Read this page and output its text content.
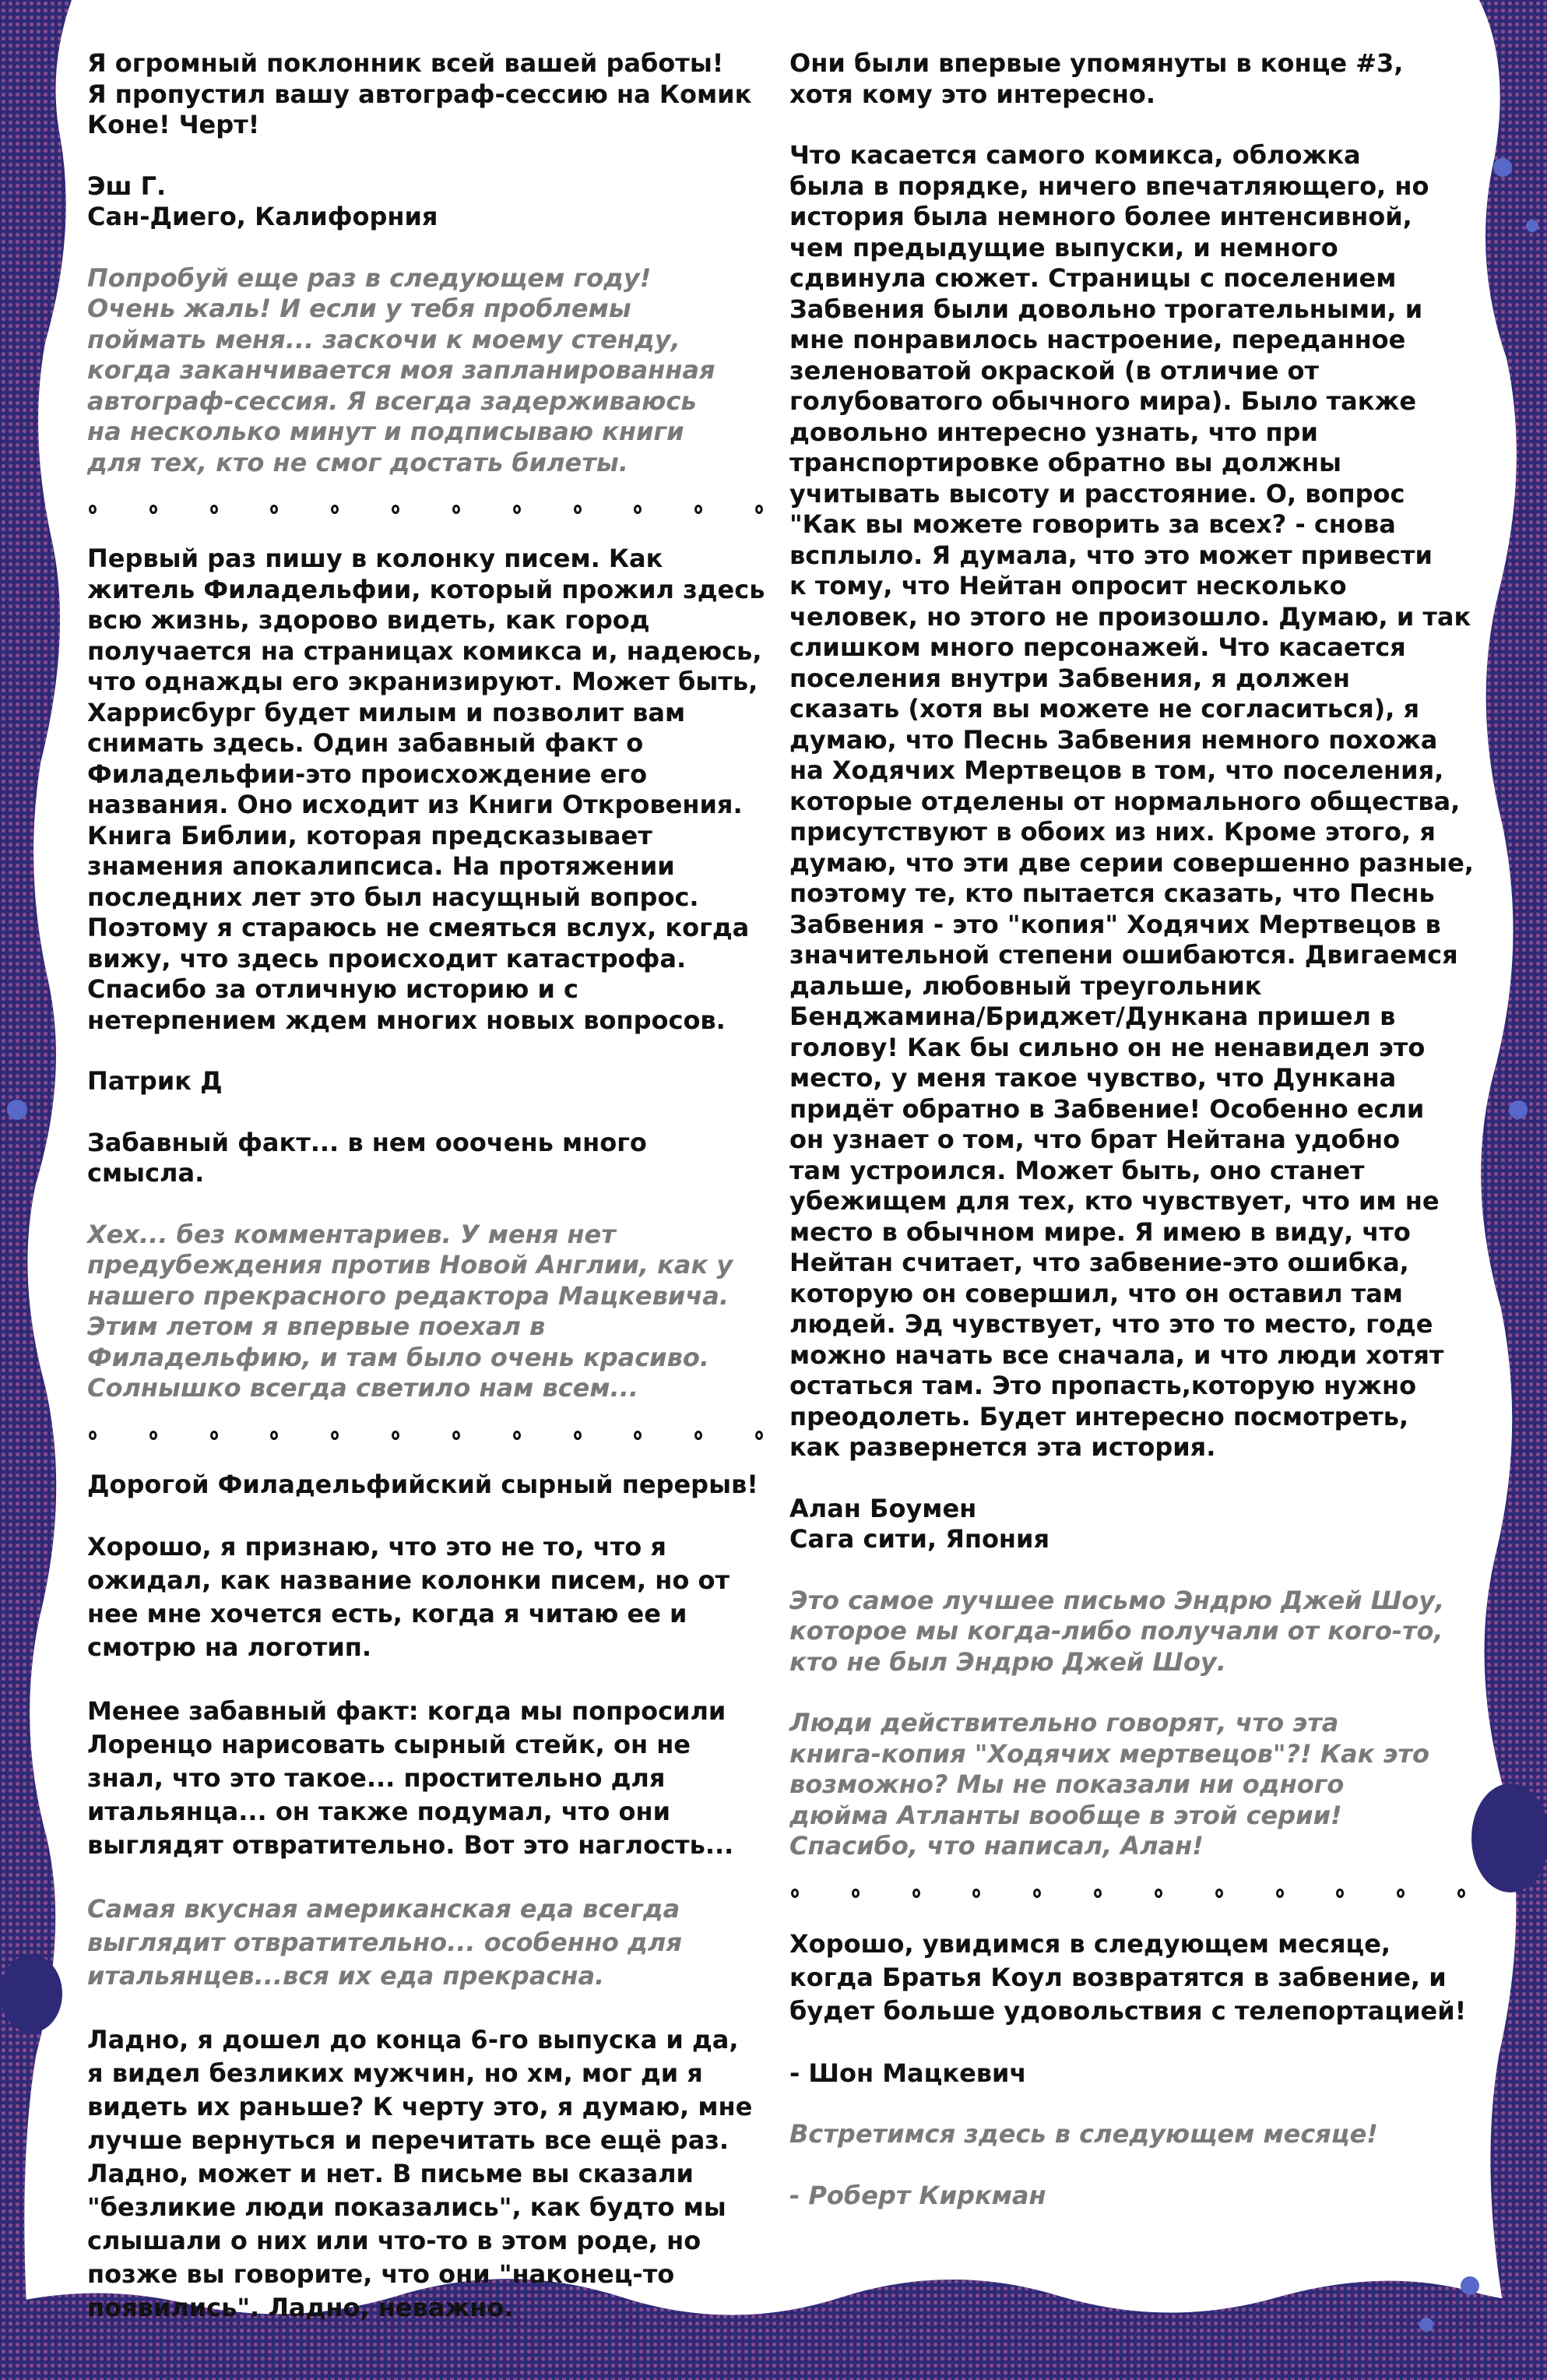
Я огромный поклонник всей вашей работы!
Я пропустил вашу автограф-сессию на Комик
Коне! Черт!

Эш Г.

Сан-Диего, Калифорния

Попробуй еще раз в следующем году!
Очень жаль! И если у тебя проблемы
поймать меня... заскочи к моему стенду,
когда заканчивается моя запланированная
автограф-сессия. Я всегда задерживаюсь
на несколько минут и подписываю книги
для тех, кто не смог достать билеты.

Первый раз пишу в колонку писем. Как
житель Филадельфии, который прожил здесь
всю жизнь, здорово видеть, как город
получается на страницах комикса и, надеюсь,
что однажды его экранизируют. Может быть,
Харрисбург будет милым и позволит вам
снимать здесь. Один забавный факт о
Филадельфии-это происхождение его
названия. Оно исходит из Книги Откровения.
Книга Библии, которая предсказывает
знамения апокалипсиса. На протяжении
последних лет это был насущный вопрос.
Поэтому я стараюсь не смеяться вслух, когда
вижу, что здесь происходит катастрофа.
Спасибо за отличную историю и с
нетерпением ждем многих новых вопросов.

Патрик Д

Забавный факт... в нем ооочень много
смысла.

Хех... без комментариев. У меня нет
предубеждения против Новой Англии, как у
нашего прекрасного редактора Мацкевича.
Этим летом я впервые поехал в
Филадельфию, и там было очень красиво.
Солнышко всегда светило нам всем...

Дорогой Филадельфийский сырный перерыв!

Хорошо, я признаю, что это не то, что я
ожидал, как название колонки писем, но от
нее мне хочется есть, когда я читаю ее и
смотрю на логотип.

Менее забавный факт: когда мы попросили
Лоренцо нарисовать сырный стейк, он не
знал, что это такое... простительно для
итальянца... он также подумал, что они
выглядят отвратительно. Вот это наглость...

Самая вкусная американская еда всегда
выглядит отвратительно... особенно для
итальянцев...вся их еда прекрасна.

Ладно, я дошел до конца 6-го выпуска и да,
я видел безликих мужчин, но хм, мог ди я
видеть их раньше? К черту это, я думаю, мне
лучше вернуться и перечитать все ещё раз.
Ладно, может и нет. В письме вы сказали
"безликие люди показались", как будто мы
слышали о них или что-то в этом роде, но
позже вы говорите, что они "наконец-то
появились". Ладно, неважно.

Они были впервые упомянуты в конце #3,
хотя кому это интересно.

Что касается самого комикса, обложка
была в порядке, ничего впечатляющего, но
история была немного более интенсивной,
чем предыдущие выпуски, и немного
сдвинула сюжет. Страницы с поселением
Забвения были довольно трогательными, и
мне понравилось настроение, переданное
зеленоватой окраской (в отличие от
голубоватого обычного мира). Было также
довольно интересно узнать, что при
транспортировке обратно вы должны
учитывать высоту и расстояние. О, вопрос
"Как вы можете говорить за всех? - снова
всплыло. Я думала, что это может привести
к тому, что Нейтан опросит несколько
человек, но этого не произошло. Думаю, и так
слишком много персонажей. Что касается
поселения внутри Забвения, я должен
сказать (хотя вы можете не согласиться), я
думаю, что Песнь Забвения немного похожа
на Ходячих Мертвецов в том, что поселения,
которые отделены от нормального общества,
присутствуют в обоих из них. Кроме этого, я
думаю, что эти две серии совершенно разные,
поэтому те, кто пытается сказать, что Песнь
Забвения - это "копия" Ходячих Мертвецов в
значительной степени ошибаются. Двигаемся
дальше, любовный треугольник
Бенджамина/Бриджет/Дункана пришел в
голову! Как бы сильно он не ненавидел это
место, у меня такое чувство, что Дункана
придёт обратно в Забвение! Особенно если
он узнает о том, что брат Нейтана удобно
там устроился. Может быть, оно станет
убежищем для тех, кто чувствует, что им не
место в обычном мире. Я имею в виду, что
Нейтан считает, что забвение-это ошибка,
которую он совершил, что он оставил там
людей. Эд чувствует, что это то место, годе
можно начать все сначала, и что люди хотят
остаться там. Это пропасть,которую нужно
преодолеть. Будет интересно посмотреть,
как развернется эта история.

Алан Боумен

Сага сити, Япония

Это самое лучшее письмо Эндрю Джей Шоу,
которое мы когда-либо получали от кого-то,
кто не был Эндрю Джей Шоу.

Люди действительно говорят, что эта
книга-копия "Ходячих мертвецов"?! Как это
возможно? Мы не показали ни одного
дюйма Атланты вообще в этой серии!
Спасибо, что написал, Алан!

Хорошо, увидимся в следующем месяце,
когда Братья Коул возвратятся в забвение, и
будет больше удовольствия с телепортацией!

- Шон Мацкевич

Встретимся здесь в следующем месяце!

- Роберт Киркман
